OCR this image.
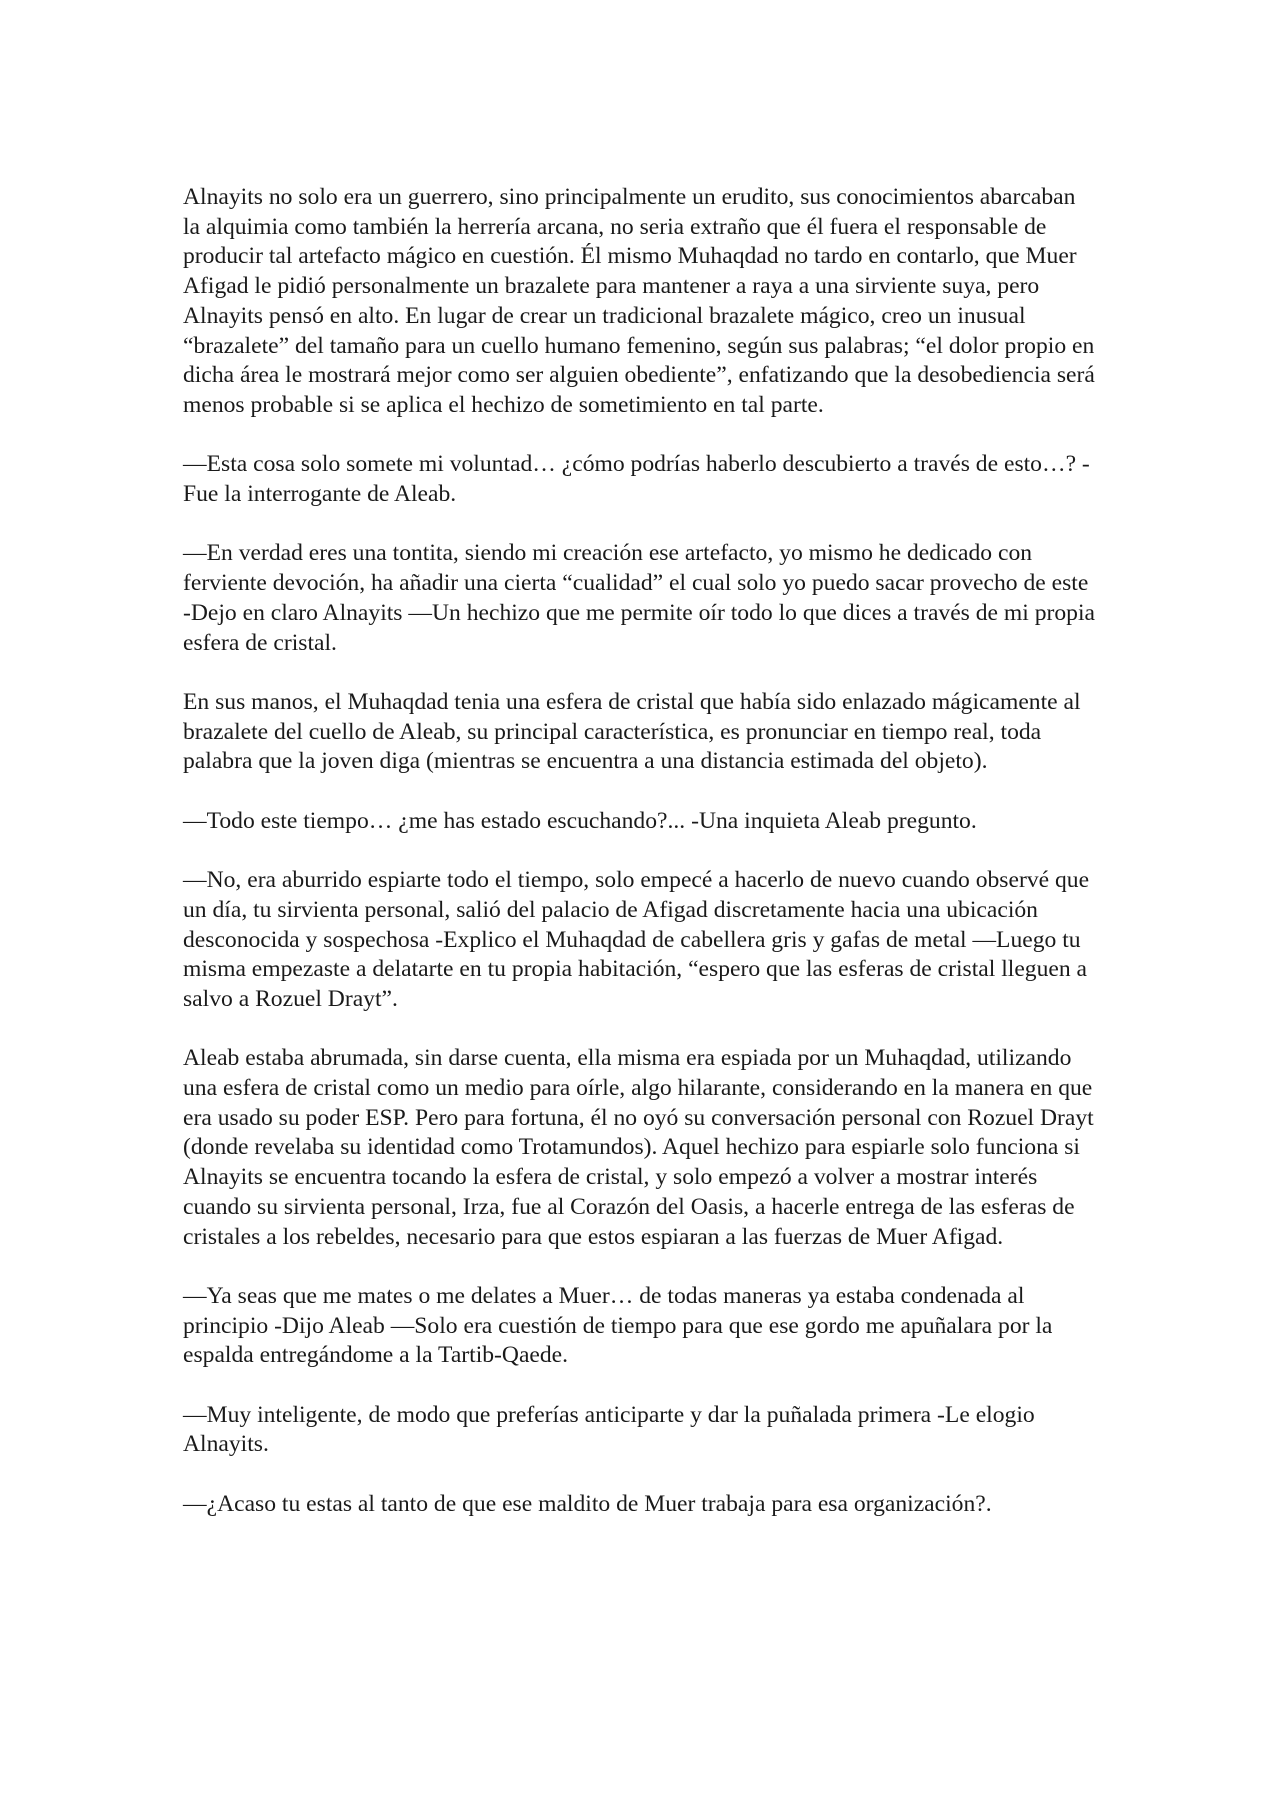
Alnayits no solo era un guerrero, sino principalmente un erudito, sus conocimientos abarcaban la alquimia como también la herrería arcana, no seria extraño que él fuera el responsable de producir tal artefacto mágico en cuestión. Él mismo Muhaqdad no tardo en contarlo, que Muer Afigad le pidió personalmente un brazalete para mantener a raya a una sirviente suya, pero Alnayits pensó en alto. En lugar de crear un tradicional brazalete mágico, creo un inusual “brazalete” del tamaño para un cuello humano femenino, según sus palabras; “el dolor propio en dicha área le mostrará mejor como ser alguien obediente”, enfatizando que la desobediencia será menos probable si se aplica el hechizo de sometimiento en tal parte.

—Esta cosa solo somete mi voluntad… ¿cómo podrías haberlo descubierto a través de esto…? -Fue la interrogante de Aleab.

—En verdad eres una tontita, siendo mi creación ese artefacto, yo mismo he dedicado con ferviente devoción, ha añadir una cierta “cualidad” el cual solo yo puedo sacar provecho de este -Dejo en claro Alnayits —Un hechizo que me permite oír todo lo que dices a través de mi propia esfera de cristal.

En sus manos, el Muhaqdad tenia una esfera de cristal que había sido enlazado mágicamente al brazalete del cuello de Aleab, su principal característica, es pronunciar en tiempo real, toda palabra que la joven diga (mientras se encuentra a una distancia estimada del objeto).

—Todo este tiempo… ¿me has estado escuchando?... -Una inquieta Aleab pregunto.

—No, era aburrido espiarte todo el tiempo, solo empecé a hacerlo de nuevo cuando observé que un día, tu sirvienta personal, salió del palacio de Afigad discretamente hacia una ubicación desconocida y sospechosa -Explico el Muhaqdad de cabellera gris y gafas de metal —Luego tu misma empezaste a delatarte en tu propia habitación, “espero que las esferas de cristal lleguen a salvo a Rozuel Drayt”.

Aleab estaba abrumada, sin darse cuenta, ella misma era espiada por un Muhaqdad, utilizando una esfera de cristal como un medio para oírle, algo hilarante, considerando en la manera en que era usado su poder ESP. Pero para fortuna, él no oyó su conversación personal con Rozuel Drayt (donde revelaba su identidad como Trotamundos). Aquel hechizo para espiarle solo funciona si Alnayits se encuentra tocando la esfera de cristal, y solo empezó a volver a mostrar interés cuando su sirvienta personal, Irza, fue al Corazón del Oasis, a hacerle entrega de las esferas de cristales a los rebeldes, necesario para que estos espiaran a las fuerzas de Muer Afigad.

—Ya seas que me mates o me delates a Muer… de todas maneras ya estaba condenada al principio -Dijo Aleab —Solo era cuestión de tiempo para que ese gordo me apuñalara por la espalda entregándome a la Tartib-Qaede.

—Muy inteligente, de modo que preferías anticiparte y dar la puñalada primera -Le elogio Alnayits.

—¿Acaso tu estas al tanto de que ese maldito de Muer trabaja para esa organización?.
